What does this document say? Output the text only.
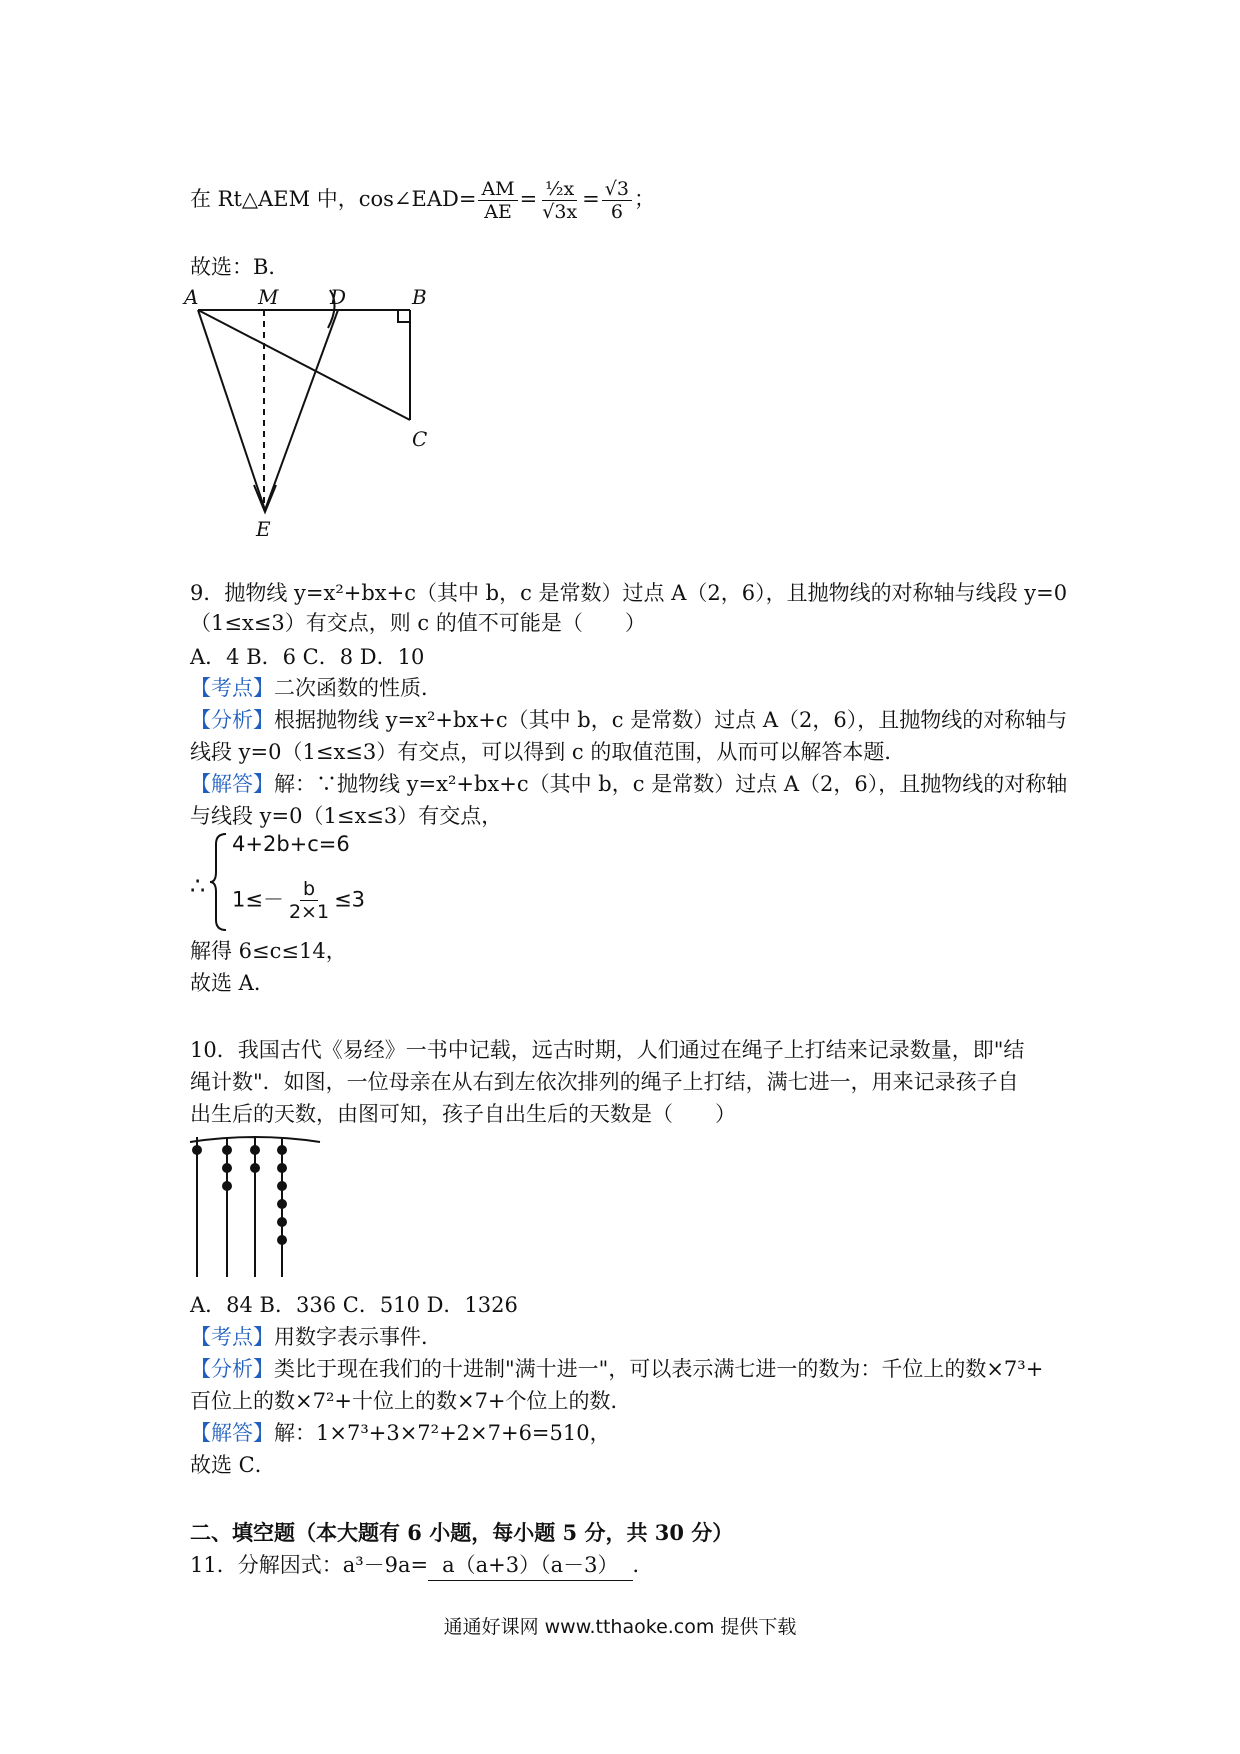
在 Rt△AEM 中，cos∠EAD= $\frac{AM}{AE} = \frac{\text{½x}}{√3x} = \frac{√3}{6}$ ；
故选：B．
A	M	D	B
C
E
9．抛物线 y=x²+bx+c（其中 b，c 是常数）过点 A（2，6），且抛物线的对称轴与线段 y=0
（1≤x≤3）有交点，则 c 的值不可能是（　　）
A．4 B．6 C．8 D．10
【考点】二次函数的性质．
【分析】根据抛物线 y=x²+bx+c（其中 b，c 是常数）过点 A（2，6），且抛物线的对称轴与
线段 y=0（1≤x≤3）有交点，可以得到 c 的取值范围，从而可以解答本题．
【解答】解：∵抛物线 y=x²+bx+c（其中 b，c 是常数）过点 A（2，6），且抛物线的对称轴
与线段 y=0（1≤x≤3）有交点，
∴
4+2b+c=6
$1\le- \frac{b}{2\times 1} \le 3$
解得 6≤c≤14，
故选 A．
10．我国古代《易经》一书中记载，远古时期，人们通过在绳子上打结来记录数量，即"结
绳计数"．如图，一位母亲在从右到左依次排列的绳子上打结，满七进一，用来记录孩子自
出生后的天数，由图可知，孩子自出生后的天数是（　　）
A．84 B．336 C．510 D．1326
【考点】用数字表示事件．
【分析】类比于现在我们的十进制"满十进一"，可以表示满七进一的数为：千位上的数×7³+
百位上的数×7²+十位上的数×7+个位上的数．
【解答】解：1×7³+3×7²+2×7+6=510，
故选 C．
二、填空题（本大题有 6 小题，每小题 5 分，共 30 分）
11．分解因式：a³－9a= a（a+3）（a－3） ．
通通好课网 www.tthaoke.com 提供下载
